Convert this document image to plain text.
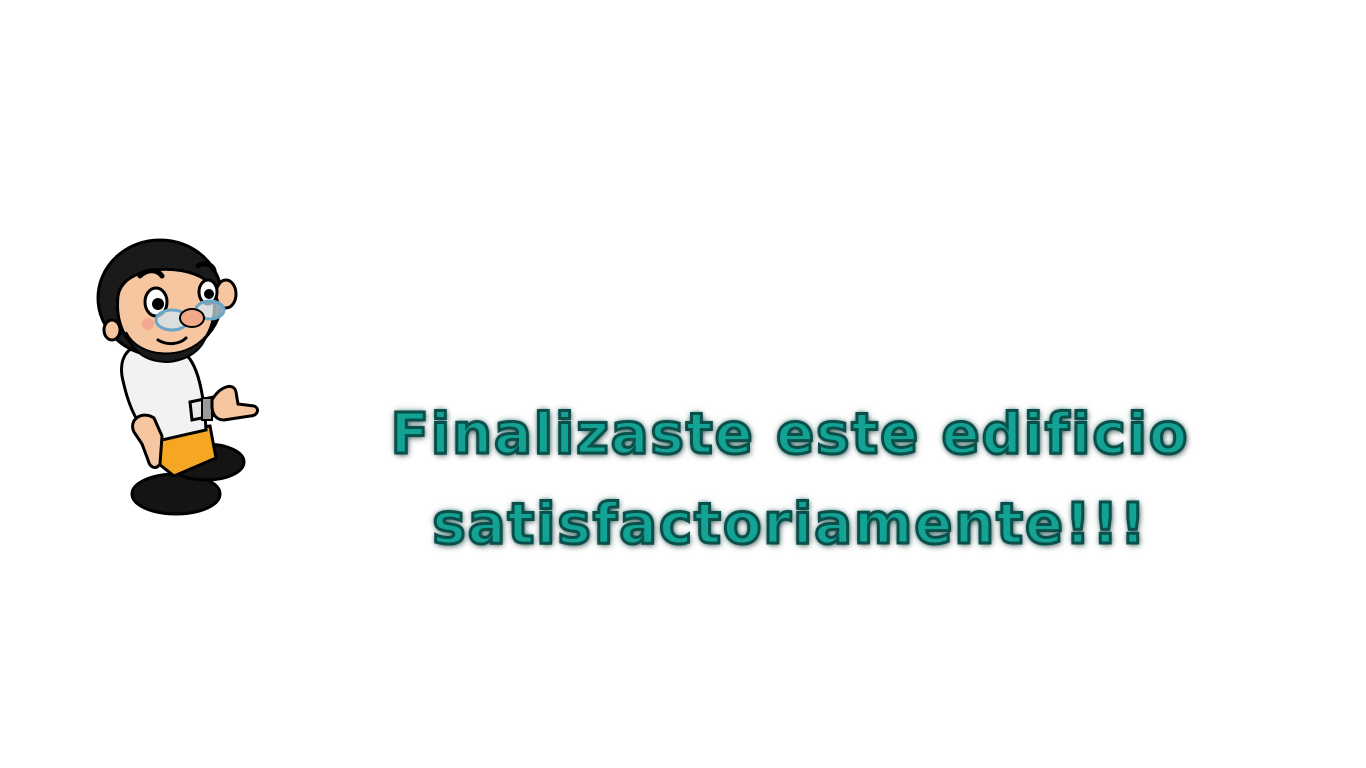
Finalizaste este edificio
satisfactoriamente!!!
